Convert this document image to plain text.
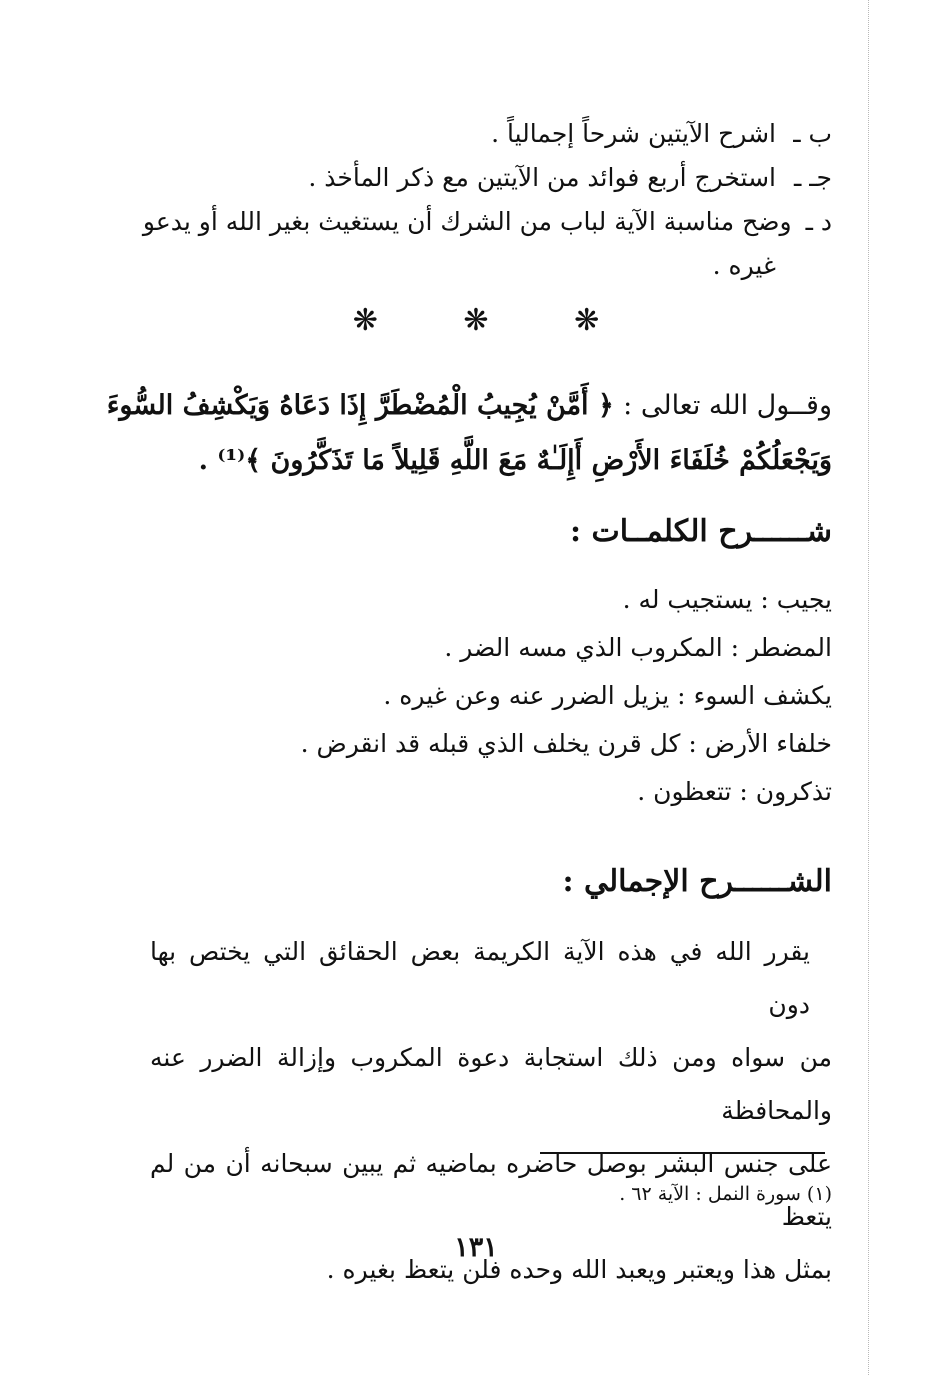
ب ـ
اشرح الآيتين شرحاً إجمالياً .
جـ ـ
استخرج أربع فوائد من الآيتين مع ذكر المأخذ .
د ـ
وضح مناسبة الآية لباب من الشرك أن يستغيث بغير الله أو يدعو
غيره .
❋ ❋ ❋
وقــول الله تعالى : ﴿ أَمَّنْ يُجِيبُ الْمُضْطَرَّ إِذَا دَعَاهُ وَيَكْشِفُ السُّوءَ
وَيَجْعَلُكُمْ خُلَفَاءَ الأَرْضِ أَإِلَـٰهٌ مَعَ اللَّهِ قَلِيلاً مَا تَذَكَّرُونَ ﴾⁽¹⁾ .
شــــــرح الكلمــات :
يجيب : يستجيب له .
المضطر : المكروب الذي مسه الضر .
يكشف السوء : يزيل الضرر عنه وعن غيره .
خلفاء الأرض : كل قرن يخلف الذي قبله قد انقرض .
تذكرون : تتعظون .
الشــــــرح الإجمالي :
يقرر الله في هذه الآية الكريمة بعض الحقائق التي يختص بها دون
من سواه ومن ذلك استجابة دعوة المكروب وإزالة الضرر عنه والمحافظة
على جنس البشر بوصل حاضره بماضيه ثم يبين سبحانه أن من لم يتعظ
بمثل هذا ويعتبر ويعبد الله وحده فلن يتعظ بغيره .
(١) سورة النمل : الآية ٦٢ .
١٣١
